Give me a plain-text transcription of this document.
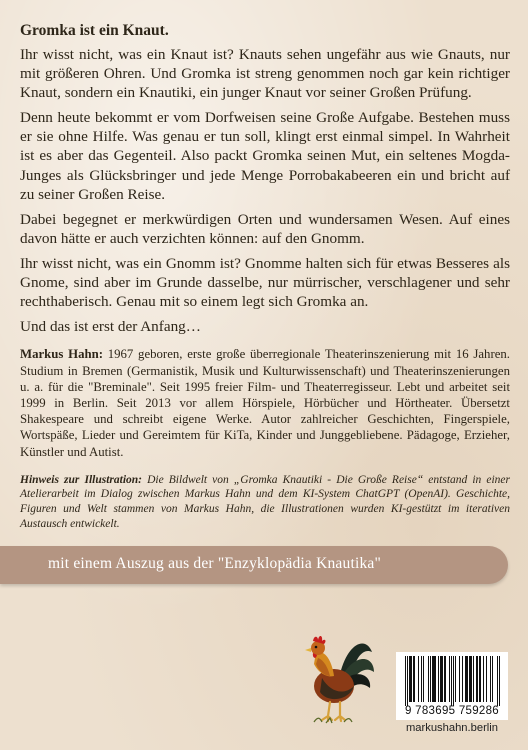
Gromka ist ein Knaut.

Ihr wisst nicht, was ein Knaut ist? Knauts sehen ungefähr aus wie Gnauts, nur mit größeren Ohren. Und Gromka ist streng genommen noch gar kein richtiger Knaut, sondern ein Knautiki, ein junger Knaut vor seiner Großen Prüfung.

Denn heute bekommt er vom Dorfweisen seine Große Aufgabe. Bestehen muss er sie ohne Hilfe. Was genau er tun soll, klingt erst einmal simpel. In Wahrheit ist es aber das Gegenteil. Also packt Gromka seinen Mut, ein seltenes Mogda-Junges als Glücksbringer und jede Menge Porrobakabeeren ein und bricht auf zu seiner Großen Reise.

Dabei begegnet er merkwürdigen Orten und wundersamen Wesen. Auf eines davon hätte er auch verzichten können: auf den Gnomm.

Ihr wisst nicht, was ein Gnomm ist? Gnomme halten sich für etwas Besseres als Gnome, sind aber im Grunde dasselbe, nur mürrischer, verschlagener und sehr rechthaberisch. Genau mit so einem legt sich Gromka an.

Und das ist erst der Anfang…

Markus Hahn: 1967 geboren, erste große überregionale Theaterinszenierung mit 16 Jahren. Studium in Bremen (Germanistik, Musik und Kulturwissenschaft) und Theaterinszenierungen u. a. für die "Breminale". Seit 1995 freier Film- und Theaterregisseur. Lebt und arbeitet seit 1999 in Berlin. Seit 2013 vor allem Hörspiele, Hörbücher und Hörtheater. Übersetzt Shakespeare und schreibt eigene Werke. Autor zahlreicher Geschichten, Fingerspiele, Wortspäße, Lieder und Gereimtem für KiTa, Kinder und Junggebliebene. Pädagoge, Erzieher, Künstler und Autist.

Hinweis zur Illustration: Die Bildwelt von „Gromka Knautiki - Die Große Reise“ entstand in einer Atelierarbeit im Dialog zwischen Markus Hahn und dem KI-System ChatGPT (OpenAI). Geschichte, Figuren und Welt stammen von Markus Hahn, die Illustrationen wurden KI-gestützt im iterativen Austausch entwickelt.

mit einem Auszug aus der "Enzyklopädia Knautika"
9 783695 759286
markushahn.berlin
